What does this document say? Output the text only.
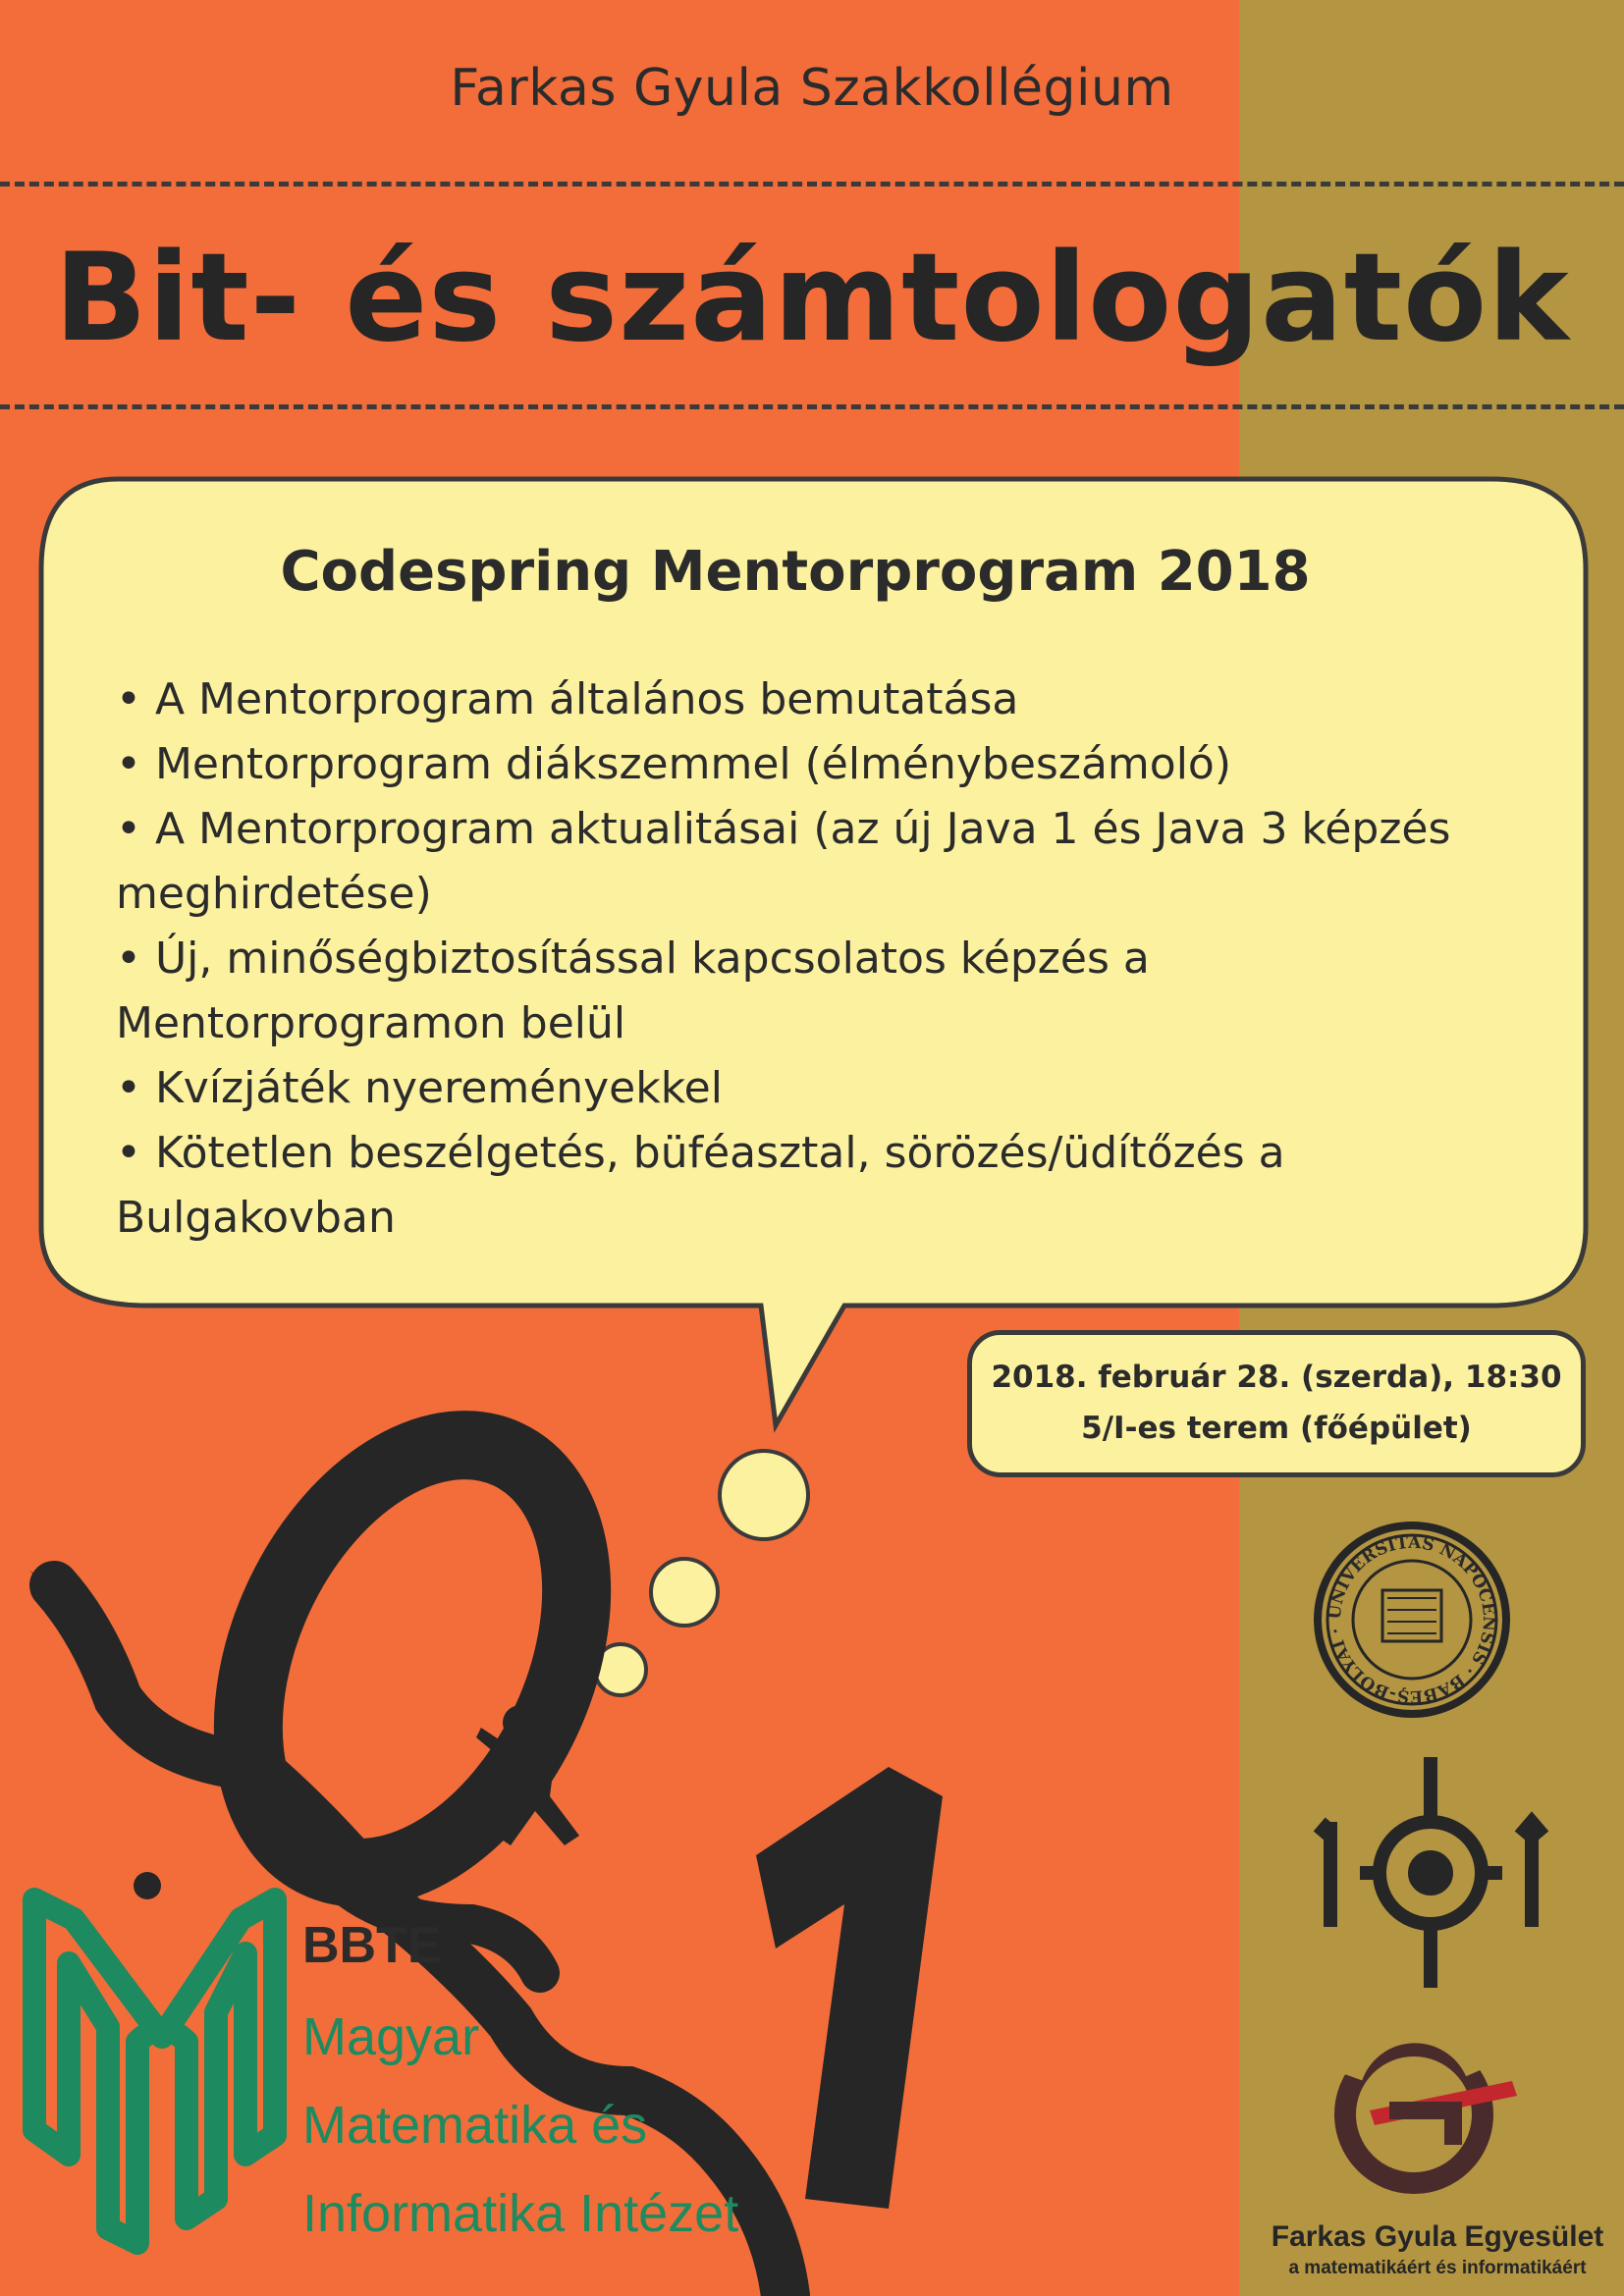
Farkas Gyula Szakkollégium
Bit- és számtologatók
UNIVERSITAS NAPOCENSIS · BABEŞ-BOLYAI ·
Codespring Mentorprogram 2018
• A Mentorprogram általános bemutatása
• Mentorprogram diákszemmel (élménybeszámoló)
• A Mentorprogram aktualitásai (az új Java 1 és Java 3 képzés meghirdetése)
• Új, minőségbiztosítással kapcsolatos képzés a Mentorprogramon belül
• Kvízjáték nyereményekkel
• Kötetlen beszélgetés, büféasztal, sörözés/üdítőzés a Bulgakovban
2018. február 28. (szerda), 18:30
5/I-es terem (főépület)
BBTE
Magyar
Matematika és
Informatika Intézet	Farkas Gyula Egyesület
a matematikáért és informatikáért
